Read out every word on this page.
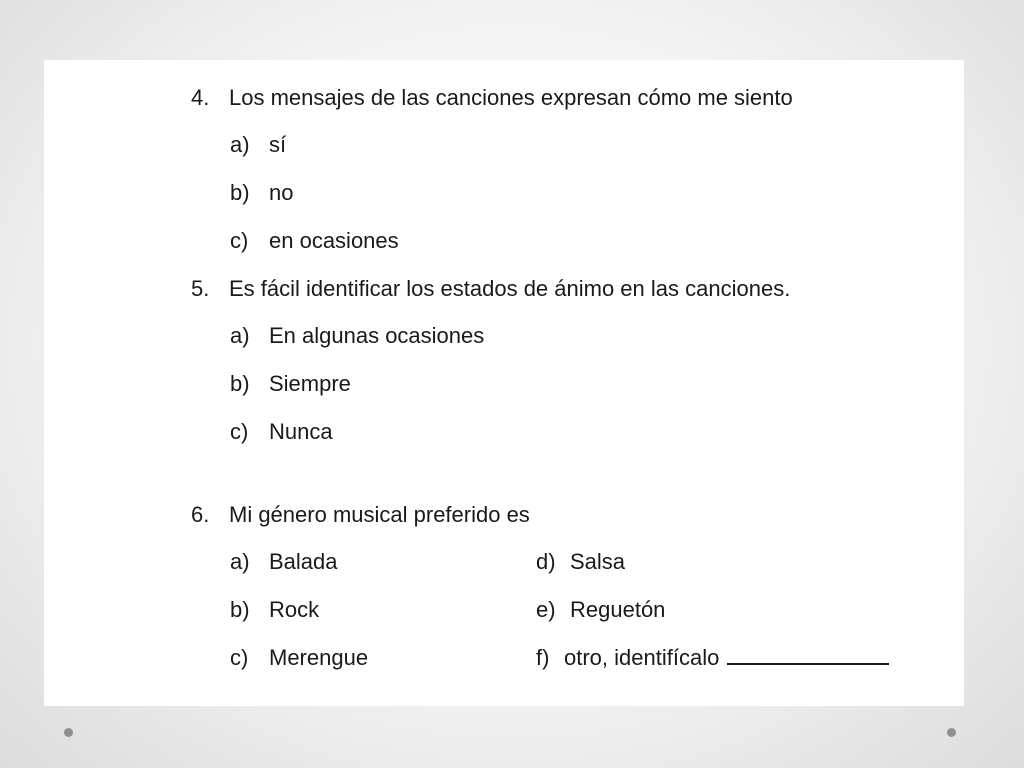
4. Los mensajes de las canciones expresan cómo me siento
a) sí
b) no
c) en ocasiones
5. Es fácil identificar los estados de ánimo en las canciones.
a) En algunas ocasiones
b) Siempre
c) Nunca
6. Mi género musical preferido es
a) Balada
b) Rock
c) Merengue
d) Salsa
e) Reguetón
f) otro, identifícalo
